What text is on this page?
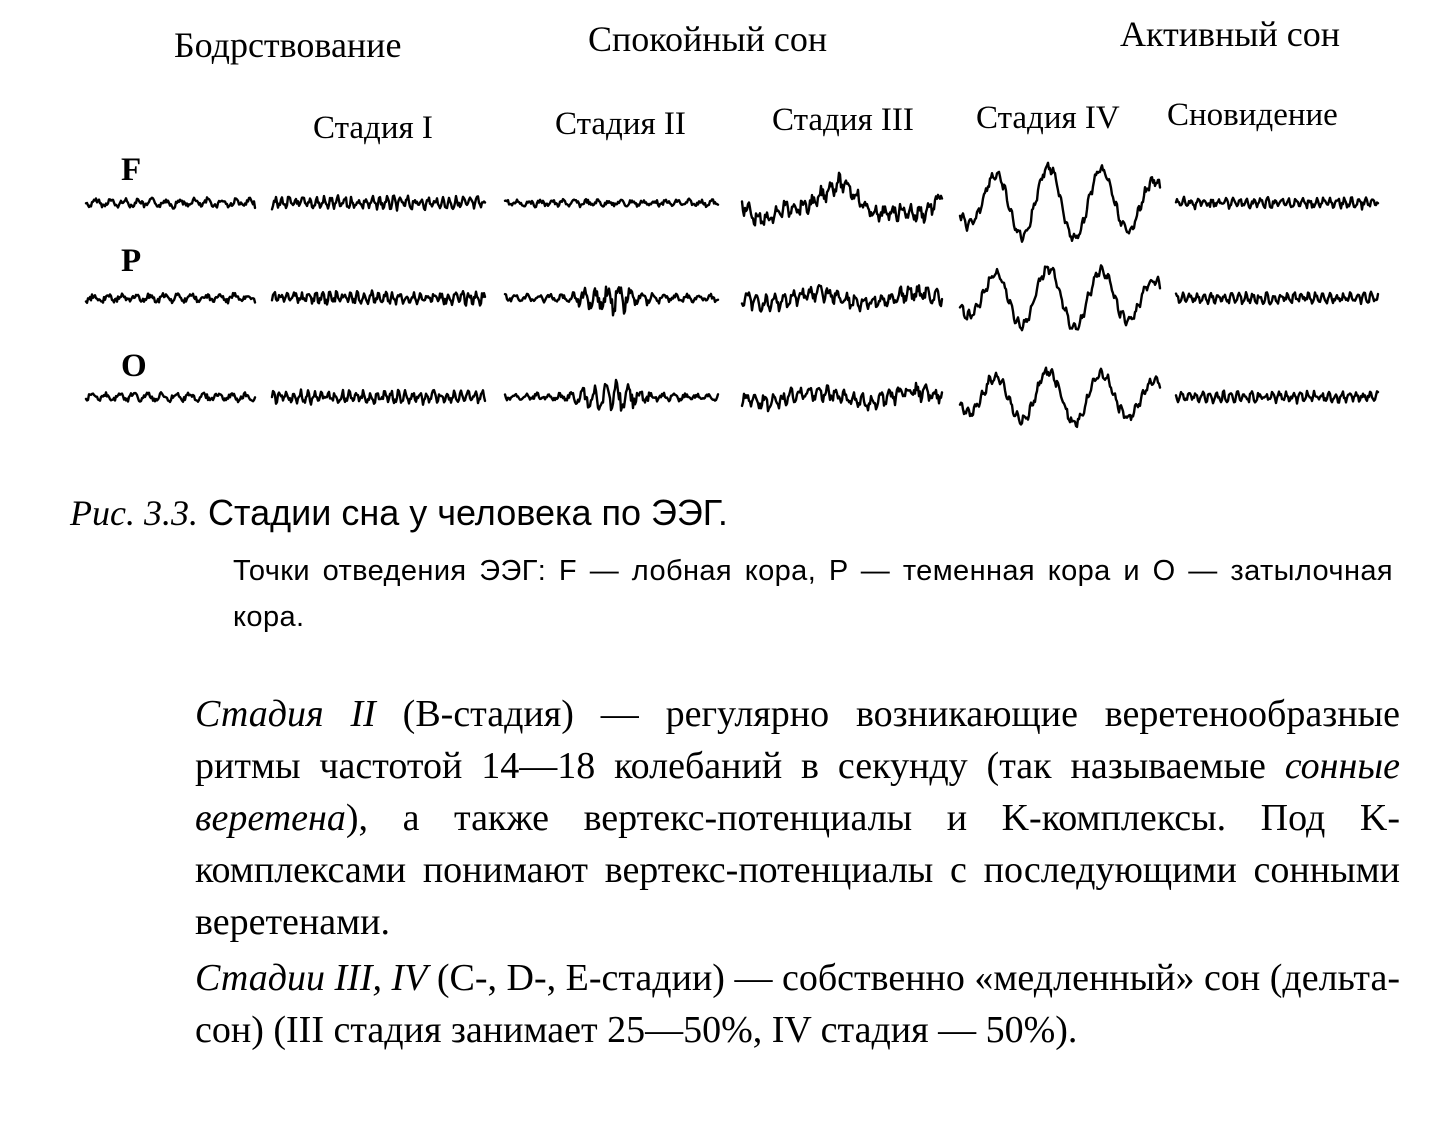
Бодрствование	Спокойный сон	Активный сон
Стадия I	Стадия II	Стадия III Стадия IV Сновидение
F
P
O
Рис. 3.3. Стадии сна у человека по ЭЭГ.
Точки отведения ЭЭГ: F — лобная кора, P — теменная кора и O — затылочная кора.
Стадия II (B-стадия) — регулярно возникающие веретенообразные ритмы частотой 14—18 колебаний в секунду (так называемые сонные веретена), а также вертекс-потенциалы и K-комплексы. Под K-комплексами понимают вертекс-потенциалы с последующими сонными веретенами.
Стадии III, IV (C-, D-, E-стадии) — собственно «медленный» сон (дельта-сон) (III стадия занимает 25—50%, IV стадия — 50%).
